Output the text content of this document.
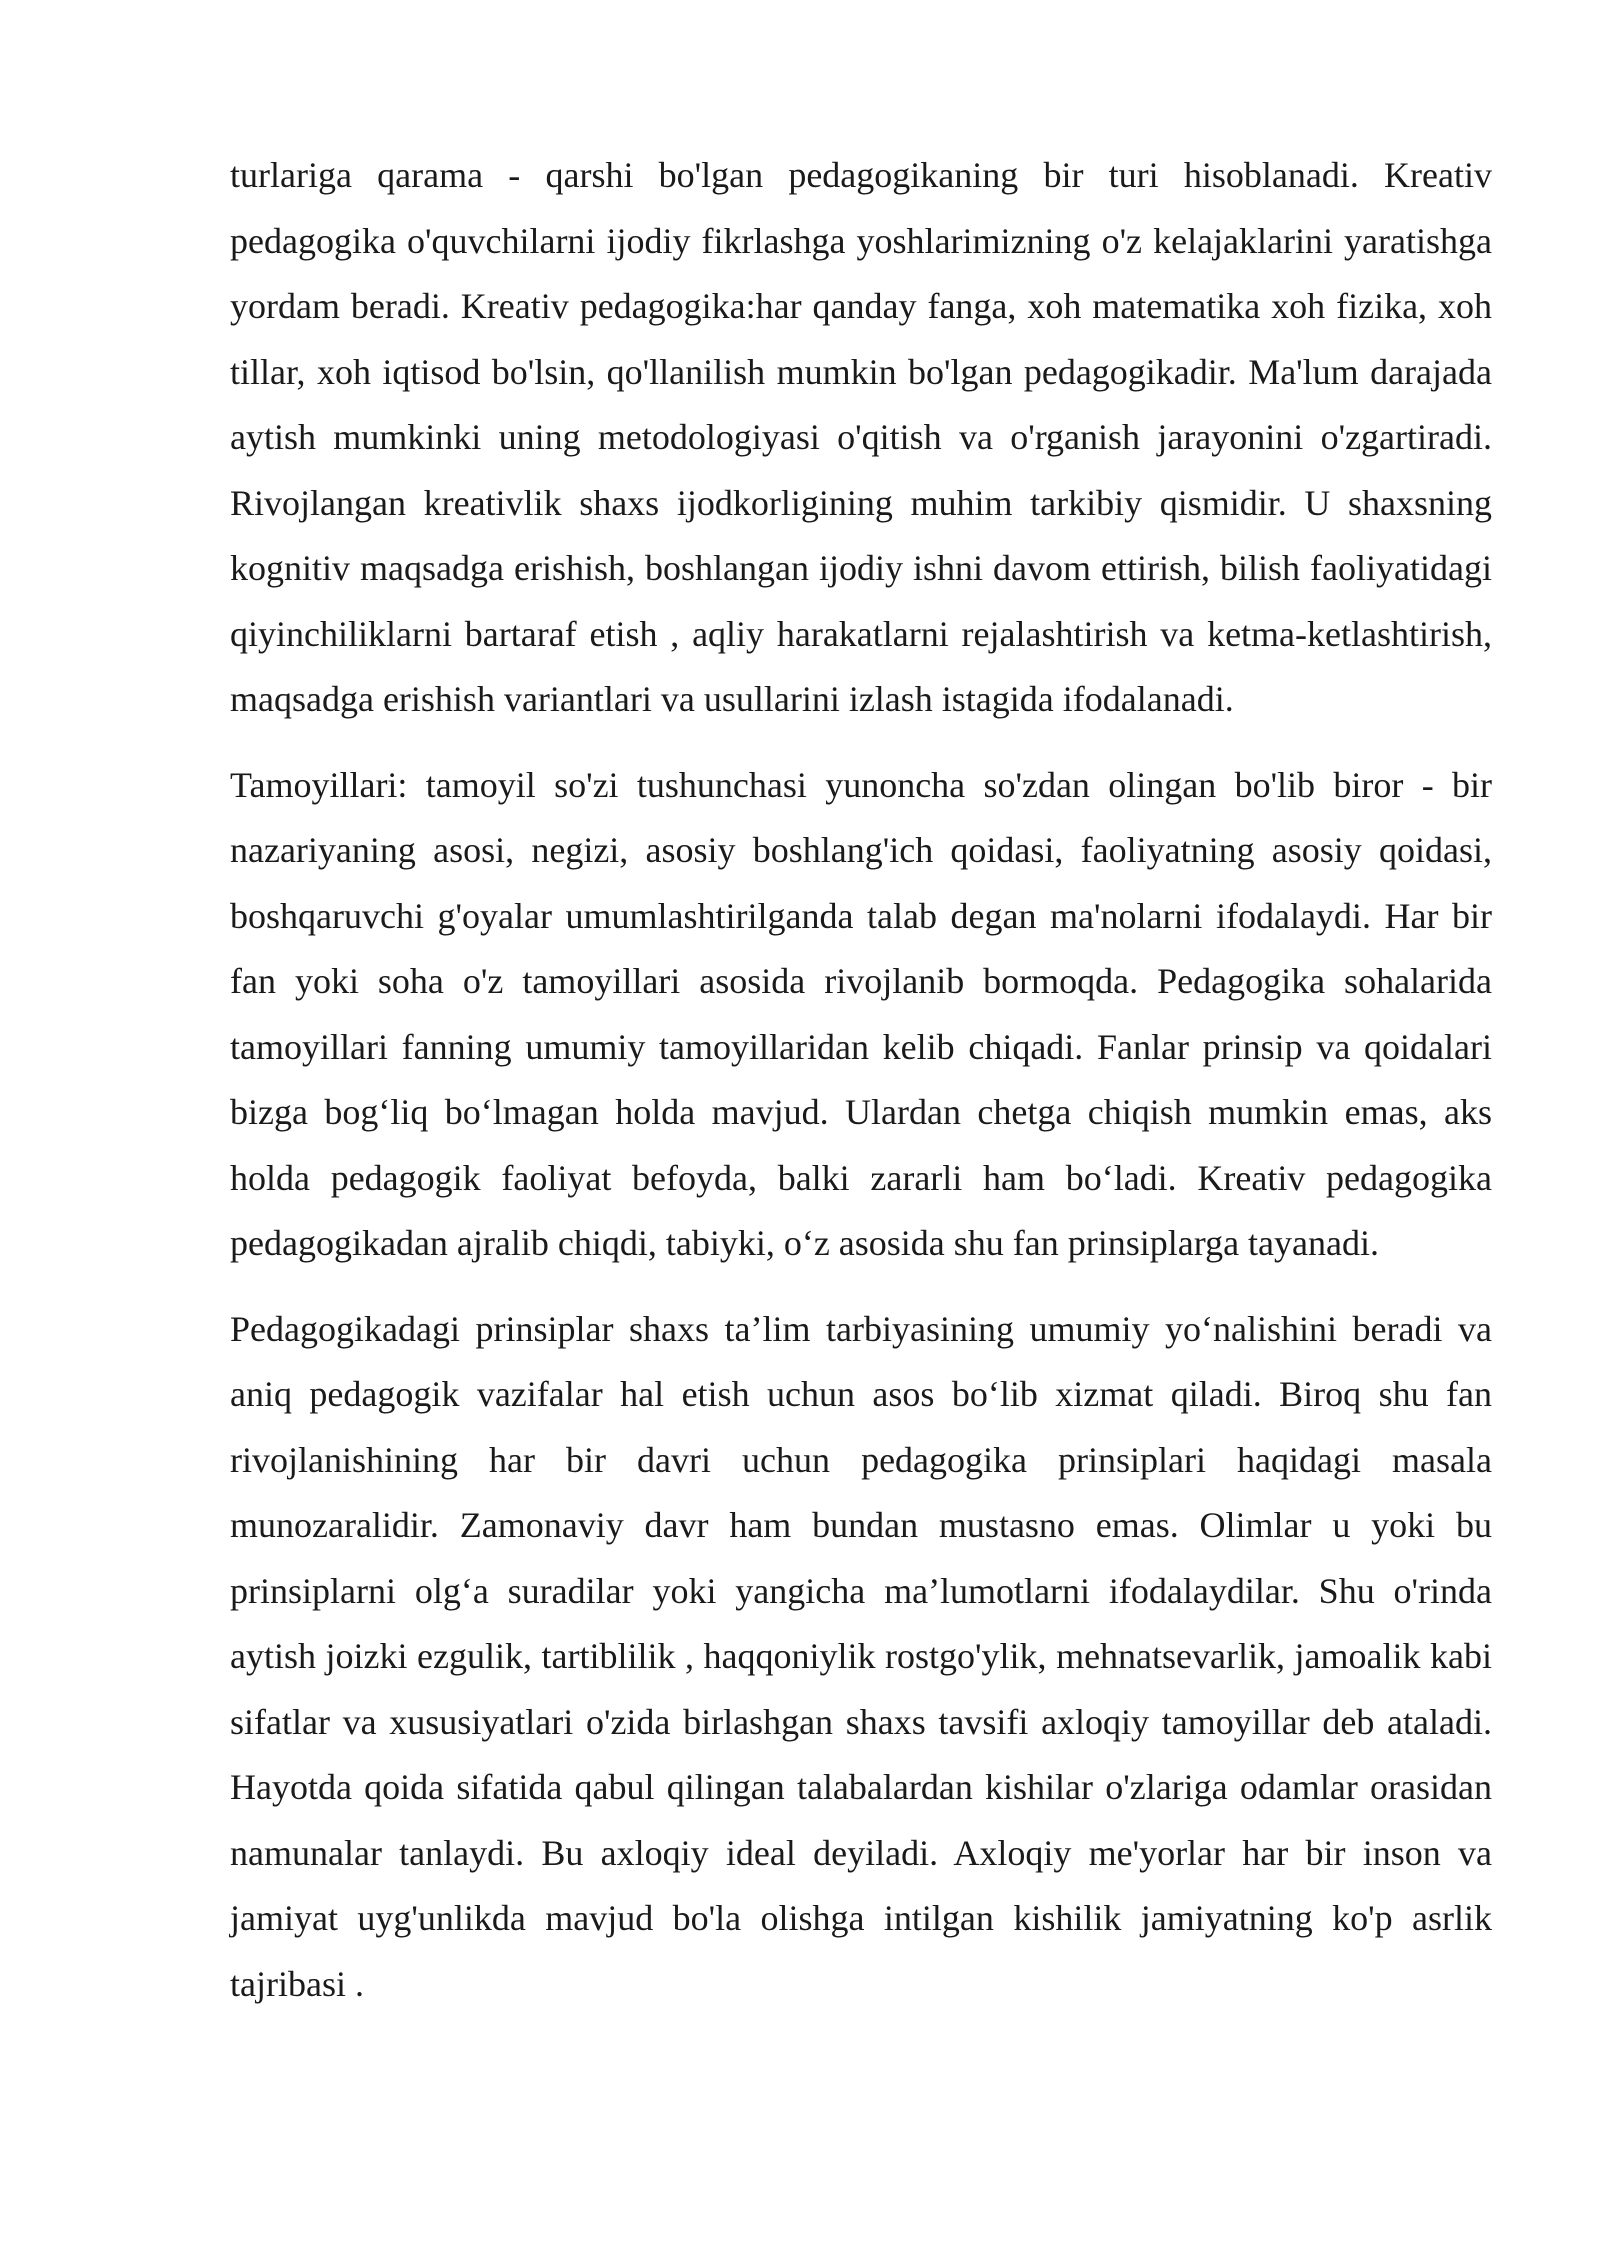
turlariga qarama - qarshi bo'lgan pedagogikaning bir turi hisoblanadi. Kreativ pedagogika o'quvchilarni ijodiy fikrlashga yoshlarimizning o'z kelajaklarini yaratishga yordam beradi. Kreativ pedagogika:har qanday fanga, xoh matematika xoh fizika, xoh tillar, xoh iqtisod bo'lsin, qo'llanilish mumkin bo'lgan pedagogikadir. Ma'lum darajada aytish mumkinki uning metodologiyasi o'qitish va o'rganish jarayonini o'zgartiradi. Rivojlangan kreativlik shaxs ijodkorligining muhim tarkibiy qismidir. U shaxsning kognitiv maqsadga erishish, boshlangan ijodiy ishni davom ettirish, bilish faoliyatidagi qiyinchiliklarni bartaraf etish , aqliy harakatlarni rejalashtirish va ketma-ketlashtirish, maqsadga erishish variantlari va usullarini izlash istagida ifodalanadi.

Tamoyillari: tamoyil so'zi tushunchasi yunoncha so'zdan olingan bo'lib biror - bir nazariyaning asosi, negizi, asosiy boshlang'ich qoidasi, faoliyatning asosiy qoidasi, boshqaruvchi g'oyalar umumlashtirilganda talab degan ma'nolarni ifodalaydi. Har bir fan yoki soha o'z tamoyillari asosida rivojlanib bormoqda. Pedagogika sohalarida tamoyillari fanning umumiy tamoyillaridan kelib chiqadi. Fanlar prinsip va qoidalari bizga bog‘liq bo‘lmagan holda mavjud. Ulardan chetga chiqish mumkin emas, aks holda pedagogik faoliyat befoyda, balki zararli ham bo‘ladi. Kreativ pedagogika pedagogikadan ajralib chiqdi, tabiyki, o‘z asosida shu fan prinsiplarga tayanadi.

Pedagogikadagi prinsiplar shaxs ta’lim tarbiyasining umumiy yo‘nalishini beradi va aniq pedagogik vazifalar hal etish uchun asos bo‘lib xizmat qiladi. Biroq shu fan rivojlanishining har bir davri uchun pedagogika prinsiplari haqidagi masala munozaralidir. Zamonaviy davr ham bundan mustasno emas. Olimlar u yoki bu prinsiplarni olg‘a suradilar yoki yangicha ma’lumotlarni ifodalaydilar. Shu o'rinda aytish joizki ezgulik, tartiblilik , haqqoniylik rostgo'ylik, mehnatsevarlik, jamoalik kabi sifatlar va xususiyatlari o'zida birlashgan shaxs tavsifi axloqiy tamoyillar deb ataladi. Hayotda qoida sifatida qabul qilingan talabalardan kishilar o'zlariga odamlar orasidan namunalar tanlaydi. Bu axloqiy ideal deyiladi. Axloqiy me'yorlar har bir inson va jamiyat uyg'unlikda mavjud bo'la olishga intilgan kishilik jamiyatning ko'p asrlik tajribasi .
